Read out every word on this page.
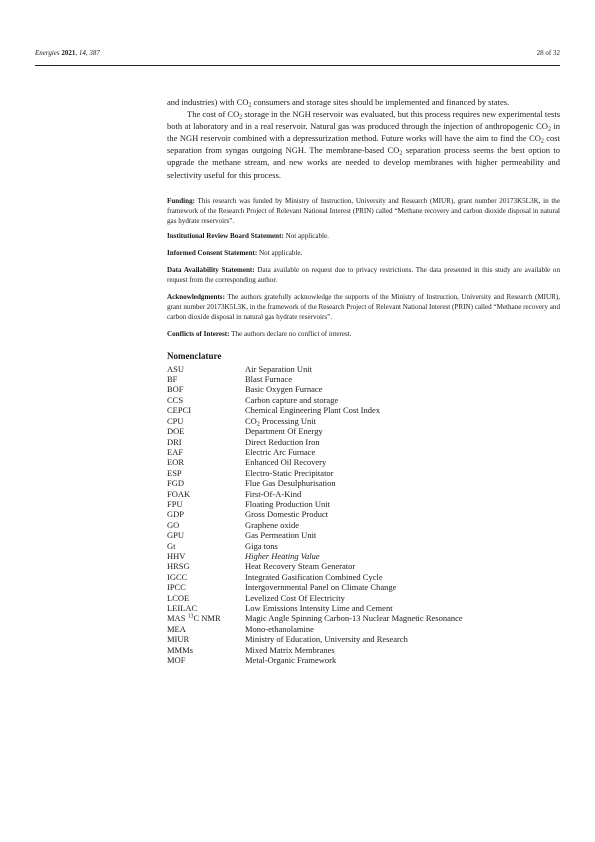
Energies 2021, 14, 387	28 of 32

and industries) with $CO_2$ consumers and storage sites should be implemented and financed by states.

The cost of $CO_2$ storage in the NGH reservoir was evaluated, but this process requires new experimental tests both at laboratory and in a real reservoir. Natural gas was produced through the injection of anthropogenic $CO_2$ in the NGH reservoir combined with a depressurization method. Future works will have the aim to find the $CO_2$ cost separation from syngas outgoing NGH. The membrane-based $CO_2$ separation process seems the best option to upgrade the methane stream, and new works are needed to develop membranes with higher permeability and selectivity useful for this process.

Funding: This research was funded by Ministry of Instruction, University and Research (MIUR), grant number 20173K5L3K, in the framework of the Research Project of Relevant National Interest (PRIN) called “Methane recovery and carbon dioxide disposal in natural gas hydrate reservoirs”.

Institutional Review Board Statement: Not applicable.

Informed Consent Statement: Not applicable.

Data Availability Statement: Data available on request due to privacy restrictions. The data presented in this study are available on request from the corresponding author.

Acknowledgments: The authors gratefully acknowledge the supports of the Ministry of Instruction, University and Research (MIUR), grant number 20173K5L3K, in the framework of the Research Project of Relevant National Interest (PRIN) called “Methane recovery and carbon dioxide disposal in natural gas hydrate reservoirs”.

Conflicts of Interest: The authors declare no conflict of interest.

Nomenclature

ASU	Air Separation Unit
BF	Blast Furnace
BOF	Basic Oxygen Furnace
CCS	Carbon capture and storage
CEPCI	Chemical Engineering Plant Cost Index
CPU	$CO_2$ Processing Unit
DOE	Department Of Energy
DRI	Direct Reduction Iron
EAF	Electric Arc Furnace
EOR	Enhanced Oil Recovery
ESP	Electro-Static Precipitator
FGD	Flue Gas Desulphurisation
FOAK	First-Of-A-Kind
FPU	Floating Production Unit
GDP	Gross Domestic Product
GO	Graphene oxide
GPU	Gas Permeation Unit
Gt	Giga tons
HHV	Higher Heating Value
HRSG	Heat Recovery Steam Generator
IGCC	Integrated Gasification Combined Cycle
IPCC	Intergovernmental Panel on Climate Change
LCOE	Levelized Cost Of Electricity
LEILAC	Low Emissions Intensity Lime and Cement
MAS $^{13}$C NMR	Magic Angle Spinning Carbon-13 Nuclear Magnetic Resonance
MEA	Mono-ethanolamine
MIUR	Ministry of Education, University and Research
MMMs	Mixed Matrix Membranes
MOF	Metal-Organic Framework
